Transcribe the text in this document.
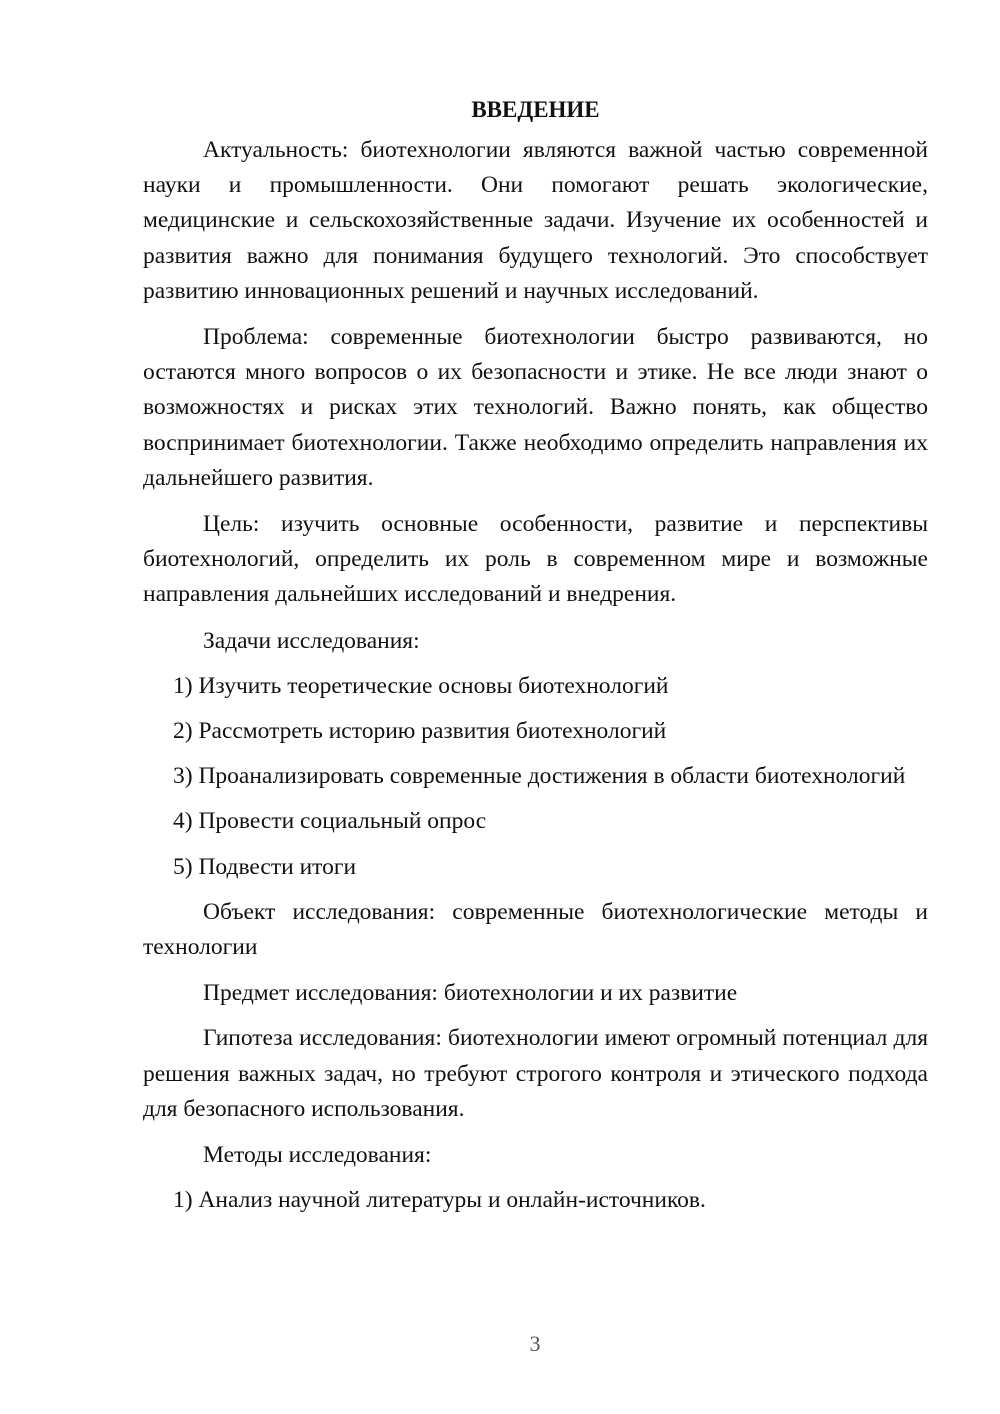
ВВЕДЕНИЕ

Актуальность: биотехнологии являются важной частью современной науки и промышленности. Они помогают решать экологические, медицинские и сельскохозяйственные задачи. Изучение их особенностей и развития важно для понимания будущего технологий. Это способствует развитию инновационных решений и научных исследований.

Проблема: современные биотехнологии быстро развиваются, но остаются много вопросов о их безопасности и этике. Не все люди знают о возможностях и рисках этих технологий. Важно понять, как общество воспринимает биотехнологии. Также необходимо определить направления их дальнейшего развития.

Цель: изучить основные особенности, развитие и перспективы биотехнологий, определить их роль в современном мире и возможные направления дальнейших исследований и внедрения.

Задачи исследования:

1) Изучить теоретические основы биотехнологий

2) Рассмотреть историю развития биотехнологий

3) Проанализировать современные достижения в области биотехнологий

4) Провести социальный опрос

5) Подвести итоги

Объект исследования: современные биотехнологические методы и технологии

Предмет исследования: биотехнологии и их развитие

Гипотеза исследования: биотехнологии имеют огромный потенциал для решения важных задач, но требуют строгого контроля и этического подхода для безопасного использования.

Методы исследования:

1) Анализ научной литературы и онлайн-источников.

3
